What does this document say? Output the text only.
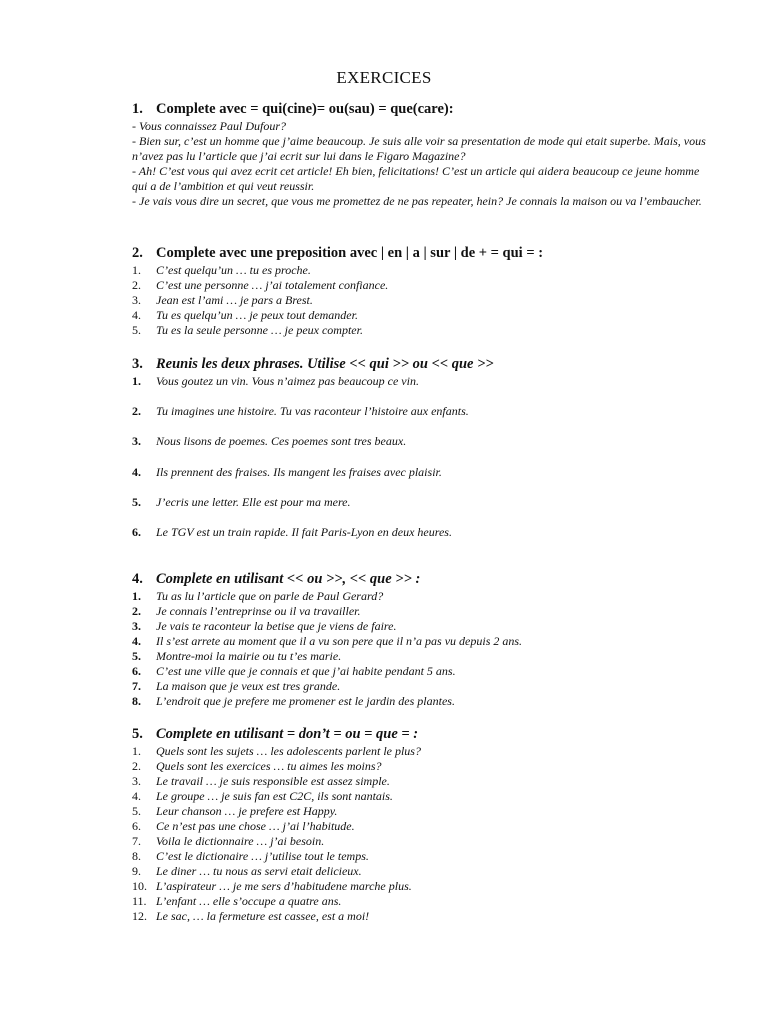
EXERCICES
1. Complete avec = qui(cine)= ou(sau) = que(care):
- Vous connaissez Paul Dufour?
- Bien sur, c’est un homme que j’aime beaucoup. Je suis alle voir sa presentation de mode qui etait superbe. Mais, vous n’avez pas lu l’article que j’ai ecrit sur lui dans le Figaro Magazine?
- Ah! C’est vous qui avez ecrit cet article! Eh bien, felicitations! C’est un article qui aidera beaucoup ce jeune homme qui a de l’ambition et qui veut reussir.
- Je vais vous dire un secret, que vous me promettez de ne pas repeater, hein? Je connais la maison ou va l’embaucher.
2. Complete avec une preposition avec | en | a | sur | de + = qui = :
1. C’est quelqu’un … tu es proche.
2. C’est une personne … j’ai totalement confiance.
3. Jean est l’ami … je pars a Brest.
4. Tu es quelqu’un … je peux tout demander.
5. Tu es la seule personne … je peux compter.
3. Reunis les deux phrases. Utilise << qui >> ou << que >>
1. Vous goutez un vin. Vous n’aimez pas beaucoup ce vin.
2. Tu imagines une histoire. Tu vas raconteur l’histoire aux enfants.
3. Nous lisons de poemes. Ces poemes sont tres beaux.
4. Ils prennent des fraises. Ils mangent les fraises avec plaisir.
5. J’ecris une letter. Elle est pour ma mere.
6. Le TGV est un train rapide. Il fait Paris-Lyon en deux heures.
4. Complete en utilisant << ou >>, << que >> :
1. Tu as lu l’article que on parle de Paul Gerard?
2. Je connais l’entreprinse ou il va travailler.
3. Je vais te raconteur la betise que je viens de faire.
4. Il s’est arrete au moment que il a vu son pere que il n’a pas vu depuis 2 ans.
5. Montre-moi la mairie ou tu t’es marie.
6. C’est une ville que je connais et que j’ai habite pendant 5 ans.
7. La maison que je veux est tres grande.
8. L’endroit que je prefere me promener est le jardin des plantes.
5. Complete en utilisant = don’t = ou = que = :
1. Quels sont les sujets … les adolescents parlent le plus?
2. Quels sont les exercices … tu aimes les moins?
3. Le travail … je suis responsible est assez simple.
4. Le groupe … je suis fan est C2C, ils sont nantais.
5. Leur chanson … je prefere est Happy.
6. Ce n’est pas une chose … j’ai l’habitude.
7. Voila le dictionnaire … j’ai besoin.
8. C’est le dictionaire … j’utilise tout le temps.
9. Le diner … tu nous as servi etait delicieux.
10. L’aspirateur … je me sers d’habitudene marche plus.
11. L’enfant … elle s’occupe a quatre ans.
12. Le sac, … la fermeture est cassee, est a moi!
